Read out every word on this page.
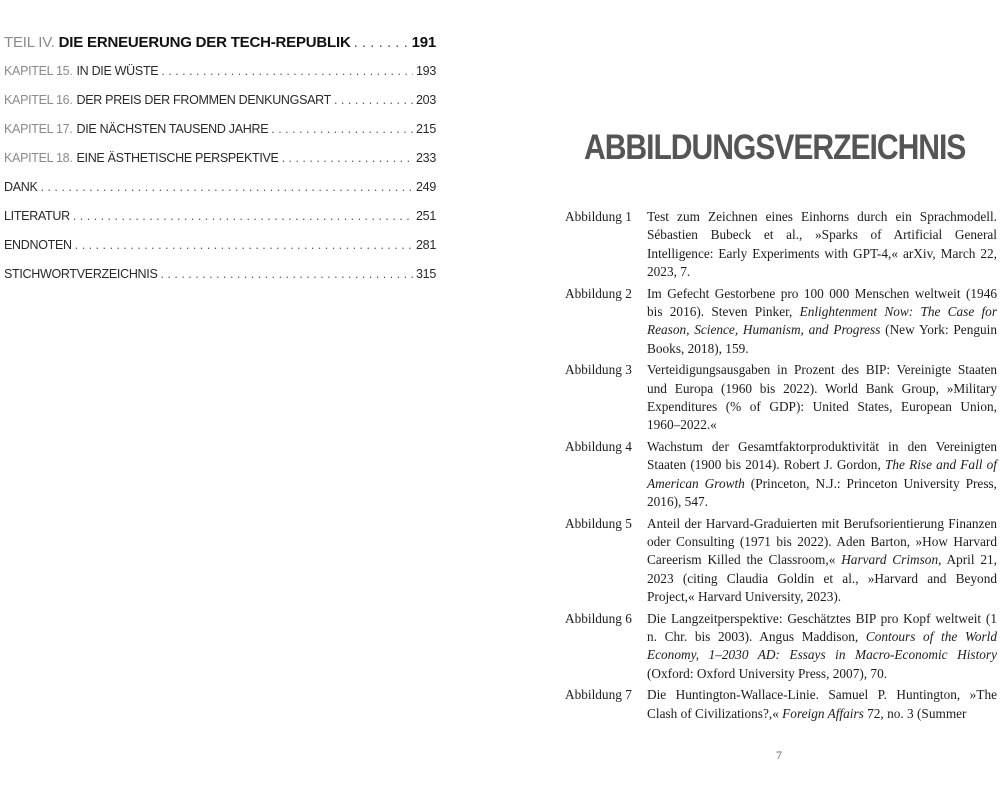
TEIL IV. DIE ERNEUERUNG DER TECH-REPUBLIK . . .	191
KAPITEL 15. IN DIE WÜSTE . . .	193
KAPITEL 16. DER PREIS DER FROMMEN DENKUNGSART . . .	203
KAPITEL 17. DIE NÄCHSTEN TAUSEND JAHRE . . .	215
KAPITEL 18. EINE ÄSTHETISCHE PERSPEKTIVE . . .	233
DANK . . .	249
LITERATUR . . .	251
ENDNOTEN . . .	281
STICHWORTVERZEICHNIS . . .	315
ABBILDUNGSVERZEICHNIS
Abbildung 1	Test zum Zeichnen eines Einhorns durch ein Sprachmodell. Sébastien Bubeck et al., »Sparks of Artificial General Intelligence: Early Experiments with GPT-4,« arXiv, March 22, 2023, 7.
Abbildung 2	Im Gefecht Gestorbene pro 100 000 Menschen weltweit (1946 bis 2016). Steven Pinker, Enlightenment Now: The Case for Reason, Science, Humanism, and Progress (New York: Penguin Books, 2018), 159.
Abbildung 3	Verteidigungsausgaben in Prozent des BIP: Vereinigte Staaten und Europa (1960 bis 2022). World Bank Group, »Military Expenditures (% of GDP): United States, European Union, 1960–2022.«
Abbildung 4	Wachstum der Gesamtfaktorproduktivität in den Vereinigten Staaten (1900 bis 2014). Robert J. Gordon, The Rise and Fall of American Growth (Princeton, N.J.: Princeton University Press, 2016), 547.
Abbildung 5	Anteil der Harvard-Graduierten mit Berufsorientierung Finanzen oder Consulting (1971 bis 2022). Aden Barton, »How Harvard Careerism Killed the Classroom,« Harvard Crimson, April 21, 2023 (citing Claudia Goldin et al., »Harvard and Beyond Project,« Harvard University, 2023).
Abbildung 6	Die Langzeitperspektive: Geschätztes BIP pro Kopf weltweit (1 n. Chr. bis 2003). Angus Maddison, Contours of the World Economy, 1–2030 AD: Essays in Macro-Economic History (Oxford: Oxford University Press, 2007), 70.
Abbildung 7	Die Huntington-Wallace-Linie. Samuel P. Huntington, »The Clash of Civilizations?,« Foreign Affairs 72, no. 3 (Summer
7
